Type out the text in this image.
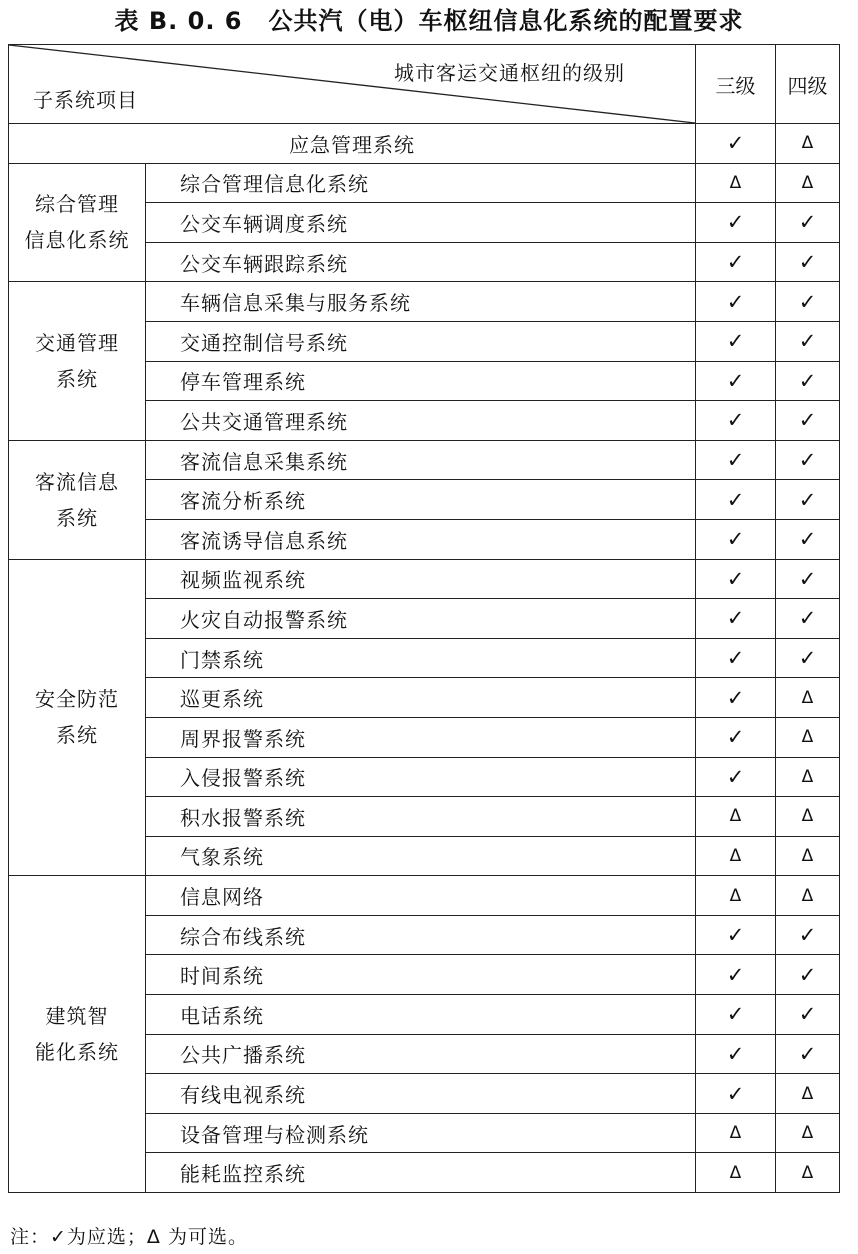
表 B. 0. 6 公共汽（电）车枢纽信息化系统的配置要求
城市客运交通枢纽的级别
子系统项目		三级	四级
应急管理系统		✓	Δ

综合管理
信息化系统	综合管理信息化系统	Δ	Δ
	公交车辆调度系统	✓	✓
	公交车辆跟踪系统	✓	✓

交通管理
系统	车辆信息采集与服务系统	✓	✓
	交通控制信号系统	✓	✓
	停车管理系统	✓	✓
	公共交通管理系统	✓	✓

客流信息
系统	客流信息采集系统	✓	✓
	客流分析系统	✓	✓
	客流诱导信息系统	✓	✓

安全防范
系统	视频监视系统	✓	✓
	火灾自动报警系统	✓	✓
	门禁系统	✓	✓
	巡更系统	✓	Δ
	周界报警系统	✓	Δ
	入侵报警系统	✓	Δ
	积水报警系统	Δ	Δ
	气象系统	Δ	Δ

建筑智
能化系统	信息网络	Δ	Δ
	综合布线系统	✓	✓
	时间系统	✓	✓
	电话系统	✓	✓
	公共广播系统	✓	✓
	有线电视系统	✓	Δ
	设备管理与检测系统	Δ	Δ
	能耗监控系统	Δ	Δ
注：✓为应选；Δ 为可选。
